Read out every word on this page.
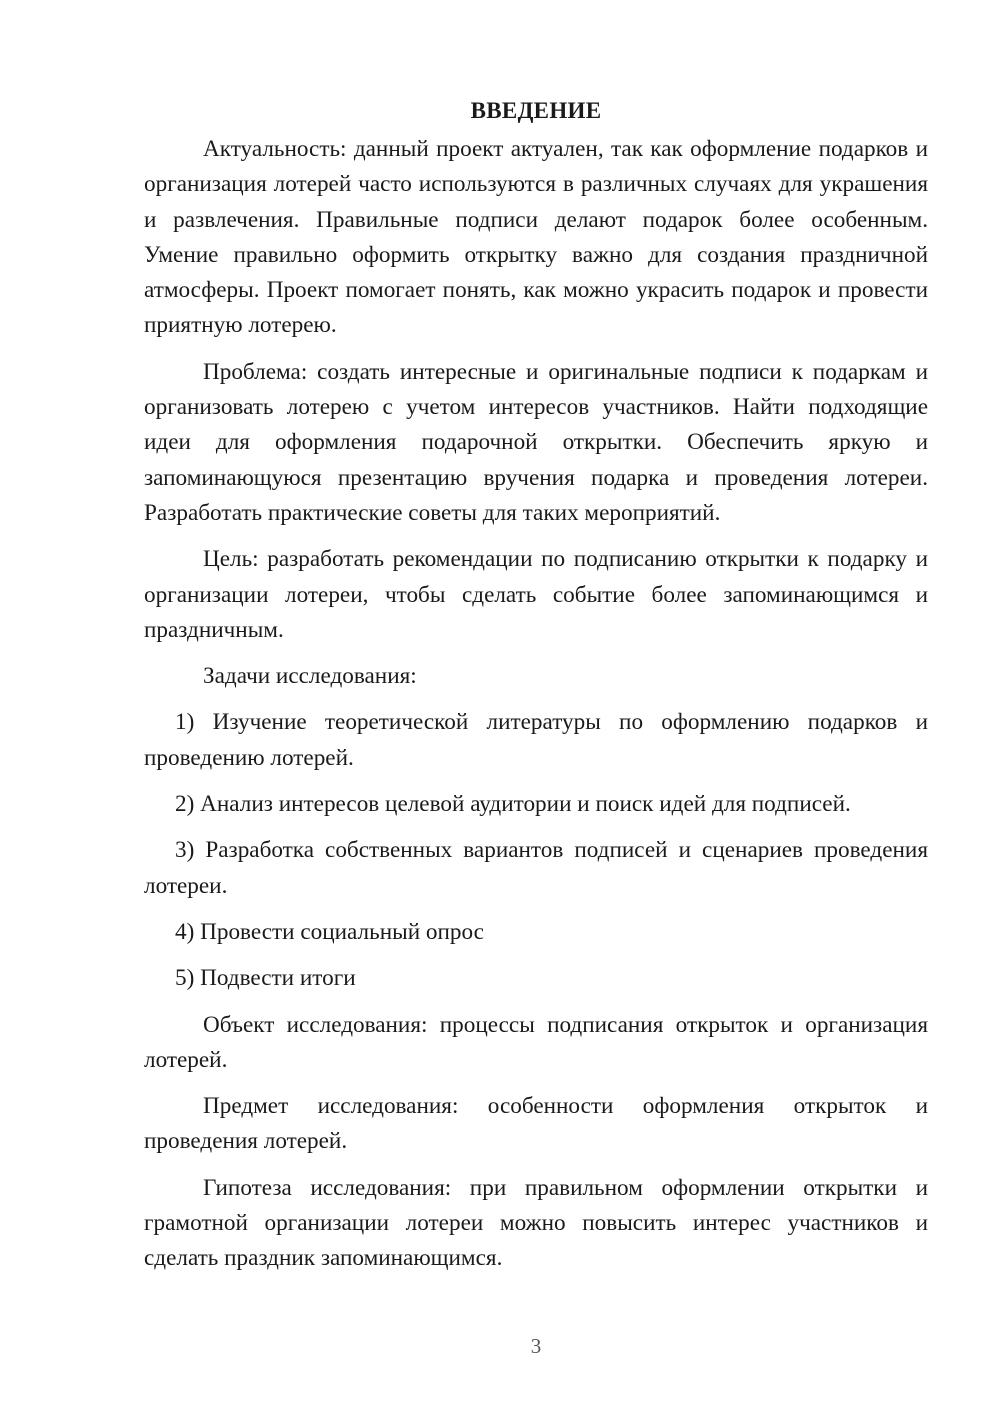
ВВЕДЕНИЕ

Актуальность: данный проект актуален, так как оформление подарков и организация лотерей часто используются в различных случаях для украшения и развлечения. Правильные подписи делают подарок более особенным. Умение правильно оформить открытку важно для создания праздничной атмосферы. Проект помогает понять, как можно украсить подарок и провести приятную лотерею.

Проблема: создать интересные и оригинальные подписи к подаркам и организовать лотерею с учетом интересов участников. Найти подходящие идеи для оформления подарочной открытки. Обеспечить яркую и запоминающуюся презентацию вручения подарка и проведения лотереи. Разработать практические советы для таких мероприятий.

Цель: разработать рекомендации по подписанию открытки к подарку и организации лотереи, чтобы сделать событие более запоминающимся и праздничным.

Задачи исследования:

1) Изучение теоретической литературы по оформлению подарков и проведению лотерей.

2) Анализ интересов целевой аудитории и поиск идей для подписей.

3) Разработка собственных вариантов подписей и сценариев проведения лотереи.

4) Провести социальный опрос

5) Подвести итоги

Объект исследования: процессы подписания открыток и организация лотерей.

Предмет исследования: особенности оформления открыток и проведения лотерей.

Гипотеза исследования: при правильном оформлении открытки и грамотной организации лотереи можно повысить интерес участников и сделать праздник запоминающимся.

3
